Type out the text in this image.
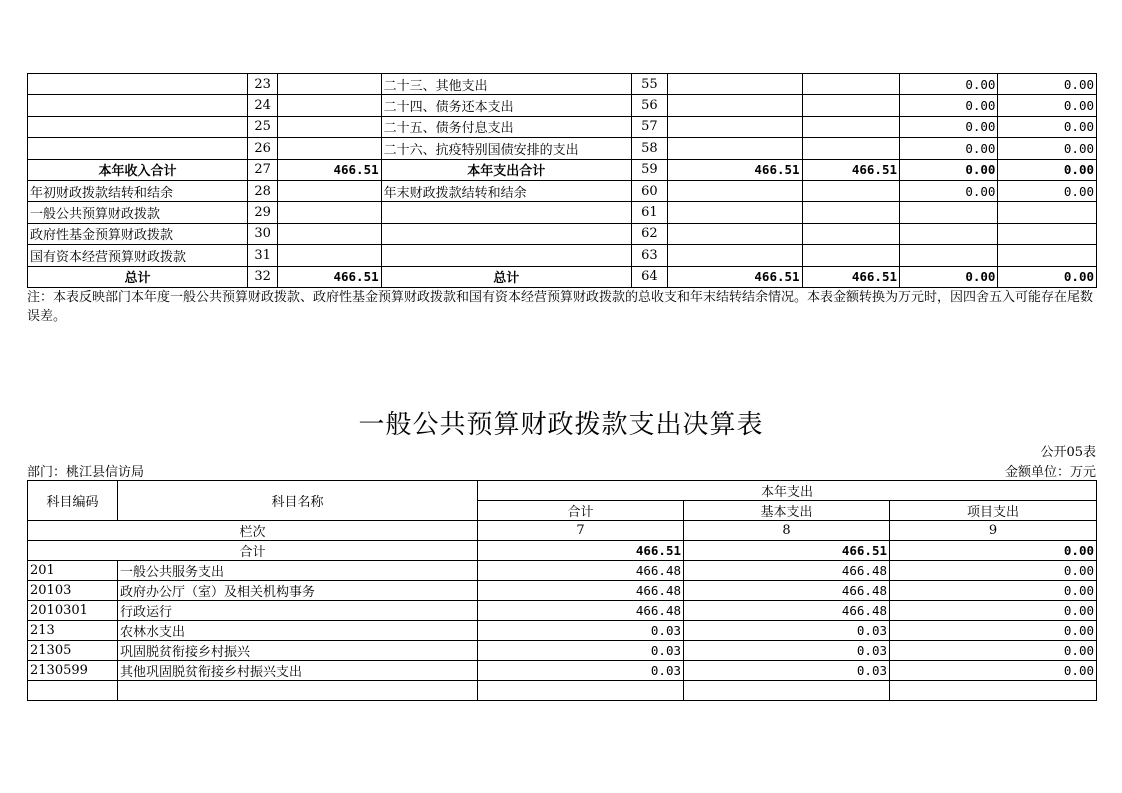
	23		二十三、其他支出	55			0.00	0.00
	24		二十四、债务还本支出	56			0.00	0.00
	25		二十五、债务付息支出	57			0.00	0.00
	26		二十六、抗疫特别国债安排的支出	58			0.00	0.00
本年收入合计	27	466.51	本年支出合计	59	466.51	466.51	0.00	0.00
年初财政拨款结转和结余	28		年末财政拨款结转和结余	60			0.00	0.00
一般公共预算财政拨款	29			61				
政府性基金预算财政拨款	30			62				
国有资本经营预算财政拨款	31			63				
总计	32	466.51	总计	64	466.51	466.51	0.00	0.00
注：本表反映部门本年度一般公共预算财政拨款、政府性基金预算财政拨款和国有资本经营预算财政拨款的总收支和年末结转结余情况。本表金额转换为万元时，因四舍五入可能存在尾数误差。
一般公共预算财政拨款支出决算表
公开05表
部门：桃江县信访局	金额单位：万元
科目编码	科目名称	本年支出		
		合计	基本支出	项目支出
栏次		7	8	9
合计		466.51	466.51	0.00
201	一般公共服务支出	466.48	466.48	0.00
20103	政府办公厅（室）及相关机构事务	466.48	466.48	0.00
2010301	行政运行	466.48	466.48	0.00
213	农林水支出	0.03	0.03	0.00
21305	巩固脱贫衔接乡村振兴	0.03	0.03	0.00
2130599	其他巩固脱贫衔接乡村振兴支出	0.03	0.03	0.00
